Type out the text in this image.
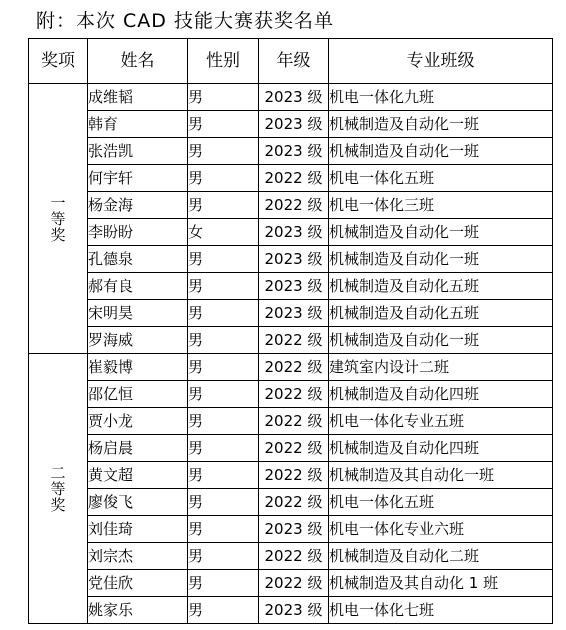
附：本次 CAD 技能大赛获奖名单
奖项	姓名	性别	年级	专业班级

一
等
奖	成维韬	男	2023 级	机电一体化九班
	韩育	男	2023 级	机械制造及自动化一班
	张浩凯	男	2023 级	机械制造及自动化一班
	何宇轩	男	2022 级	机电一体化五班
	杨金海	男	2022 级	机电一体化三班
	李盼盼	女	2023 级	机械制造及自动化一班
	孔德泉	男	2023 级	机械制造及自动化一班
	郝有良	男	2023 级	机械制造及自动化五班
	宋明昊	男	2023 级	机械制造及自动化五班
	罗海威	男	2022 级	机械制造及自动化一班

二
等
奖	崔毅博	男	2022 级	建筑室内设计二班
	邵亿恒	男	2022 级	机械制造及自动化四班
	贾小龙	男	2022 级	机电一体化专业五班
	杨启晨	男	2022 级	机械制造及自动化四班
	黄文超	男	2022 级	机械制造及其自动化一班
	廖俊飞	男	2022 级	机电一体化五班
	刘佳琦	男	2023 级	机电一体化专业六班
	刘宗杰	男	2022 级	机械制造及自动化二班
	党佳欣	男	2022 级	机械制造及其自动化 1 班
	姚家乐	男	2023 级	机电一体化七班
